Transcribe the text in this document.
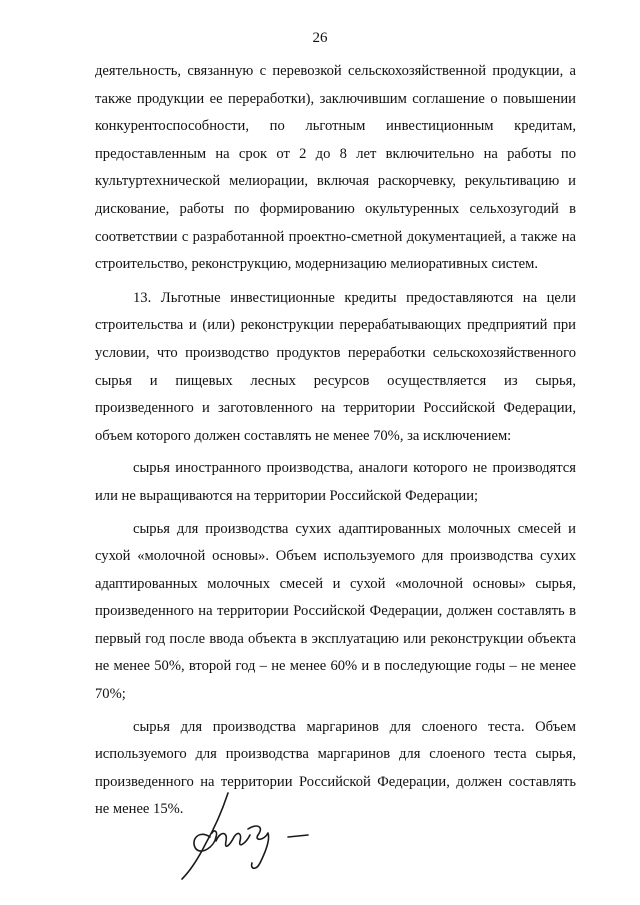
26

деятельность, связанную с перевозкой сельскохозяйственной продукции, а также продукции ее переработки), заключившим соглашение о повышении конкурентоспособности, по льготным инвестиционным кредитам, предоставленным на срок от 2 до 8 лет включительно на работы по культуртехнической мелиорации, включая раскорчевку, рекультивацию и дискование, работы по формированию окультуренных сельхозугодий в соответствии с разработанной проектно-сметной документацией, а также на строительство, реконструкцию, модернизацию мелиоративных систем.

13. Льготные инвестиционные кредиты предоставляются на цели строительства и (или) реконструкции перерабатывающих предприятий при условии, что производство продуктов переработки сельскохозяйственного сырья и пищевых лесных ресурсов осуществляется из сырья, произведенного и заготовленного на территории Российской Федерации, объем которого должен составлять не менее 70%, за исключением:

сырья иностранного производства, аналоги которого не производятся или не выращиваются на территории Российской Федерации;

сырья для производства сухих адаптированных молочных смесей и сухой «молочной основы». Объем используемого для производства сухих адаптированных молочных смесей и сухой «молочной основы» сырья, произведенного на территории Российской Федерации, должен составлять в первый год после ввода объекта в эксплуатацию или реконструкции объекта не менее 50%, второй год – не менее 60% и в последующие годы – не менее 70%;

сырья для производства маргаринов для слоеного теста. Объем используемого для производства маргаринов для слоеного теста сырья, произведенного на территории Российской Федерации, должен составлять не менее 15%.
